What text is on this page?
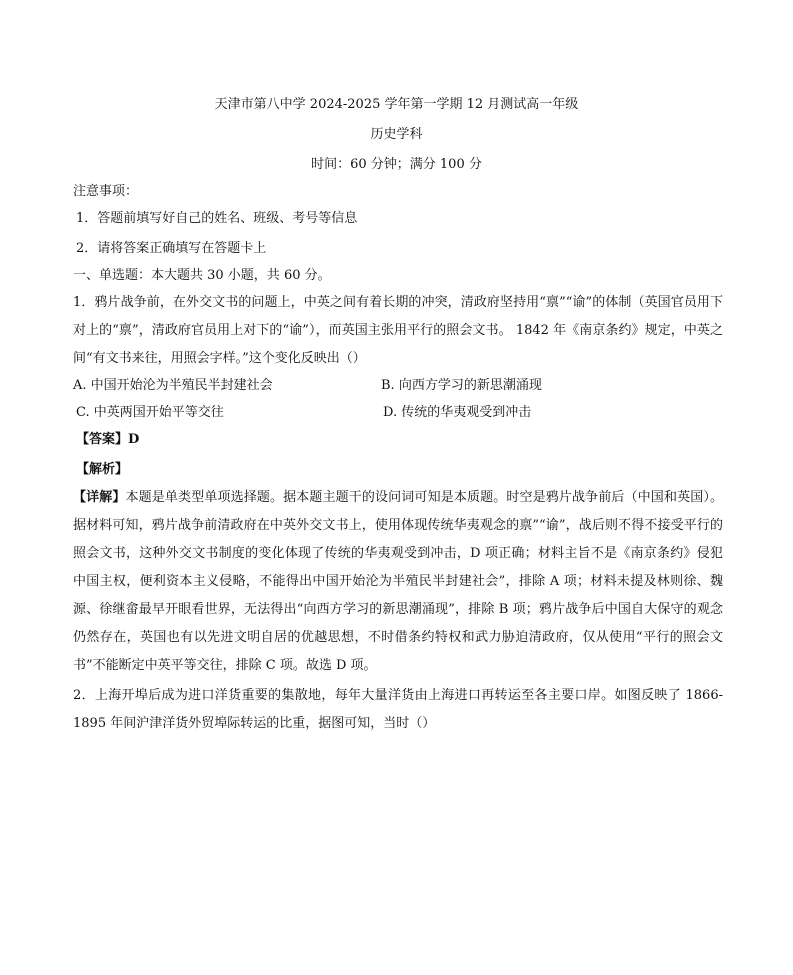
天津市第八中学 2024-2025 学年第一学期 12 月测试高一年级
历史学科
时间：60 分钟；满分 100 分
注意事项：
1．答题前填写好自己的姓名、班级、考号等信息
2．请将答案正确填写在答题卡上
一、单选题：本大题共 30 小题，共 60 分。
1．鸦片战争前，在外交文书的问题上，中英之间有着长期的冲突，清政府坚持用“禀”“谕”的体制（英国官员用下对上的“禀”，清政府官员用上对下的“谕”），而英国主张用平行的照会文书。 1842 年《南京条约》规定，中英之间“有文书来往，用照会字样。”这个变化反映出（）
A. 中国开始沦为半殖民半封建社会	B. 向西方学习的新思潮涌现
C. 中英两国开始平等交往	D. 传统的华夷观受到冲击
【答案】D
【解析】
【详解】本题是单类型单项选择题。据本题主题干的设问词可知是本质题。时空是鸦片战争前后（中国和英国）。据材料可知，鸦片战争前清政府在中英外交文书上，使用体现传统华夷观念的禀”“谕”，战后则不得不接受平行的照会文书，这种外交文书制度的变化体现了传统的华夷观受到冲击，D 项正确；材料主旨不是《南京条约》侵犯中国主权，便利资本主义侵略，不能得出中国开始沦为半殖民半封建社会”，排除 A 项；材料未提及林则徐、魏源、徐继畲最早开眼看世界，无法得出“向西方学习的新思潮涌现”，排除 B 项；鸦片战争后中国自大保守的观念仍然存在，英国也有以先进文明自居的优越思想，不时借条约特权和武力胁迫清政府，仅从使用“平行的照会文书”不能断定中英平等交往，排除 C 项。故选 D 项。
2．上海开埠后成为进口洋货重要的集散地，每年大量洋货由上海进口再转运至各主要口岸。如图反映了 1866-1895 年间沪津洋货外贸埠际转运的比重，据图可知，当时（）
